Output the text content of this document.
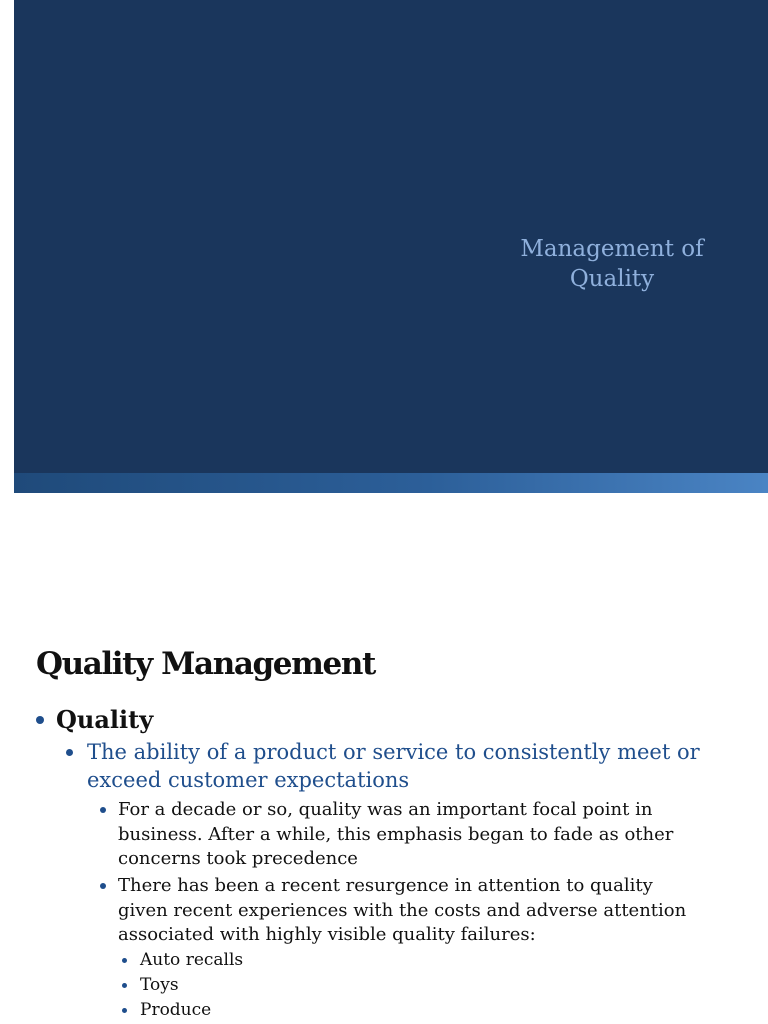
Management of
Quality
Quality Management
Quality
The ability of a product or service to consistently meet or
exceed customer expectations
For a decade or so, quality was an important focal point in
business. After a while, this emphasis began to fade as other
concerns took precedence
There has been a recent resurgence in attention to quality
given recent experiences with the costs and adverse attention
associated with highly visible quality failures:
Auto recalls
Toys
Produce
